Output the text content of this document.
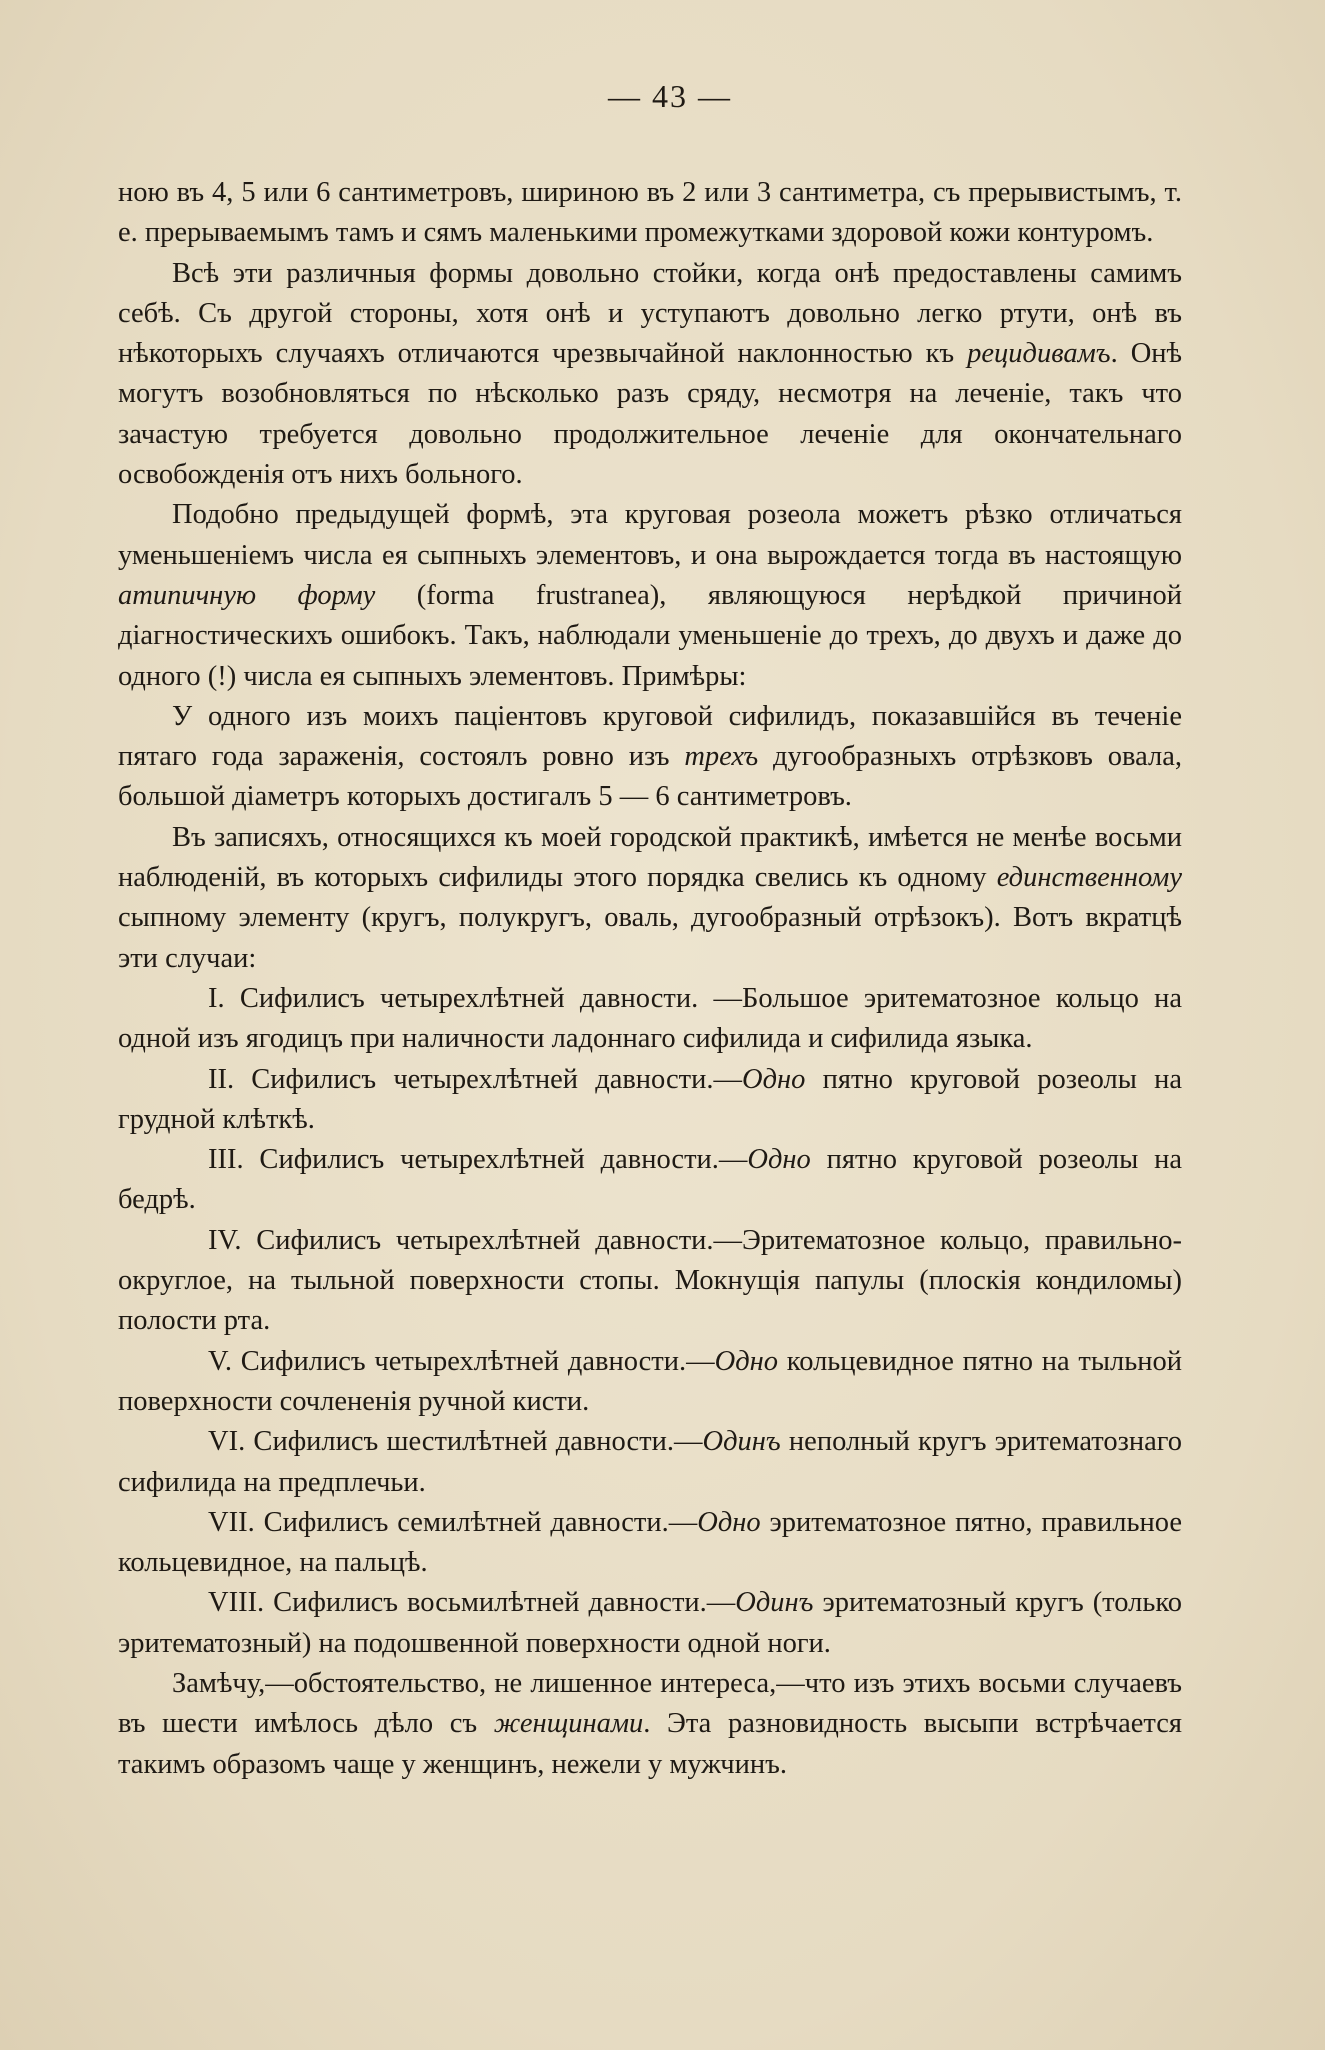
— 43 —

ною въ 4, 5 или 6 сантиметровъ, шириною въ 2 или 3 сантиметра, съ прерывистымъ, т. е. прерываемымъ тамъ и сямъ маленькими промежутками здоровой кожи контуромъ.

Всѣ эти различныя формы довольно стойки, когда онѣ предоставлены самимъ себѣ. Съ другой стороны, хотя онѣ и уступаютъ довольно легко ртути, онѣ въ нѣкоторыхъ случаяхъ отличаются чрезвычайной наклонностью къ рецидивамъ. Онѣ могутъ возобновляться по нѣсколько разъ сряду, несмотря на леченіе, такъ что зачастую требуется довольно продолжительное леченіе для окончательнаго освобожденія отъ нихъ больного.

Подобно предыдущей формѣ, эта круговая розеола можетъ рѣзко отличаться уменьшеніемъ числа ея сыпныхъ элементовъ, и она вырождается тогда въ настоящую атипичную форму (forma frustranea), являющуюся нерѣдкой причиной діагностическихъ ошибокъ. Такъ, наблюдали уменьшеніе до трехъ, до двухъ и даже до одного (!) числа ея сыпныхъ элементовъ. Примѣры:

У одного изъ моихъ паціентовъ круговой сифилидъ, показавшійся въ теченіе пятаго года зараженія, состоялъ ровно изъ трехъ дугообразныхъ отрѣзковъ овала, большой діаметръ которыхъ достигалъ 5 — 6 сантиметровъ.

Въ записяхъ, относящихся къ моей городской практикѣ, имѣется не менѣе восьми наблюденій, въ которыхъ сифилиды этого порядка свелись къ одному единственному сыпному элементу (кругъ, полукругъ, оваль, дугообразный отрѣзокъ). Вотъ вкратцѣ эти случаи:

I. Сифилисъ четырехлѣтней давности. —Большое эритематозное кольцо на одной изъ ягодицъ при наличности ладоннаго сифилида и сифилида языка.

II. Сифилисъ четырехлѣтней давности.—Одно пятно круговой розеолы на грудной клѣткѣ.

III. Сифилисъ четырехлѣтней давности.—Одно пятно круговой розеолы на бедрѣ.

IV. Сифилисъ четырехлѣтней давности.—Эритематозное кольцо, правильно-округлое, на тыльной поверхности стопы. Мокнущія папулы (плоскія кондиломы) полости рта.

V. Сифилисъ четырехлѣтней давности.—Одно кольцевидное пятно на тыльной поверхности сочлененія ручной кисти.

VI. Сифилисъ шестилѣтней давности.—Одинъ неполный кругъ эритематознаго сифилида на предплечьи.

VII. Сифилисъ семилѣтней давности.—Одно эритематозное пятно, правильное кольцевидное, на пальцѣ.

VIII. Сифилисъ восьмилѣтней давности.—Одинъ эритематозный кругъ (только эритематозный) на подошвенной поверхности одной ноги.

Замѣчу,—обстоятельство, не лишенное интереса,—что изъ этихъ восьми случаевъ въ шести имѣлось дѣло съ женщинами. Эта разновидность высыпи встрѣчается такимъ образомъ чаще у женщинъ, нежели у мужчинъ.
